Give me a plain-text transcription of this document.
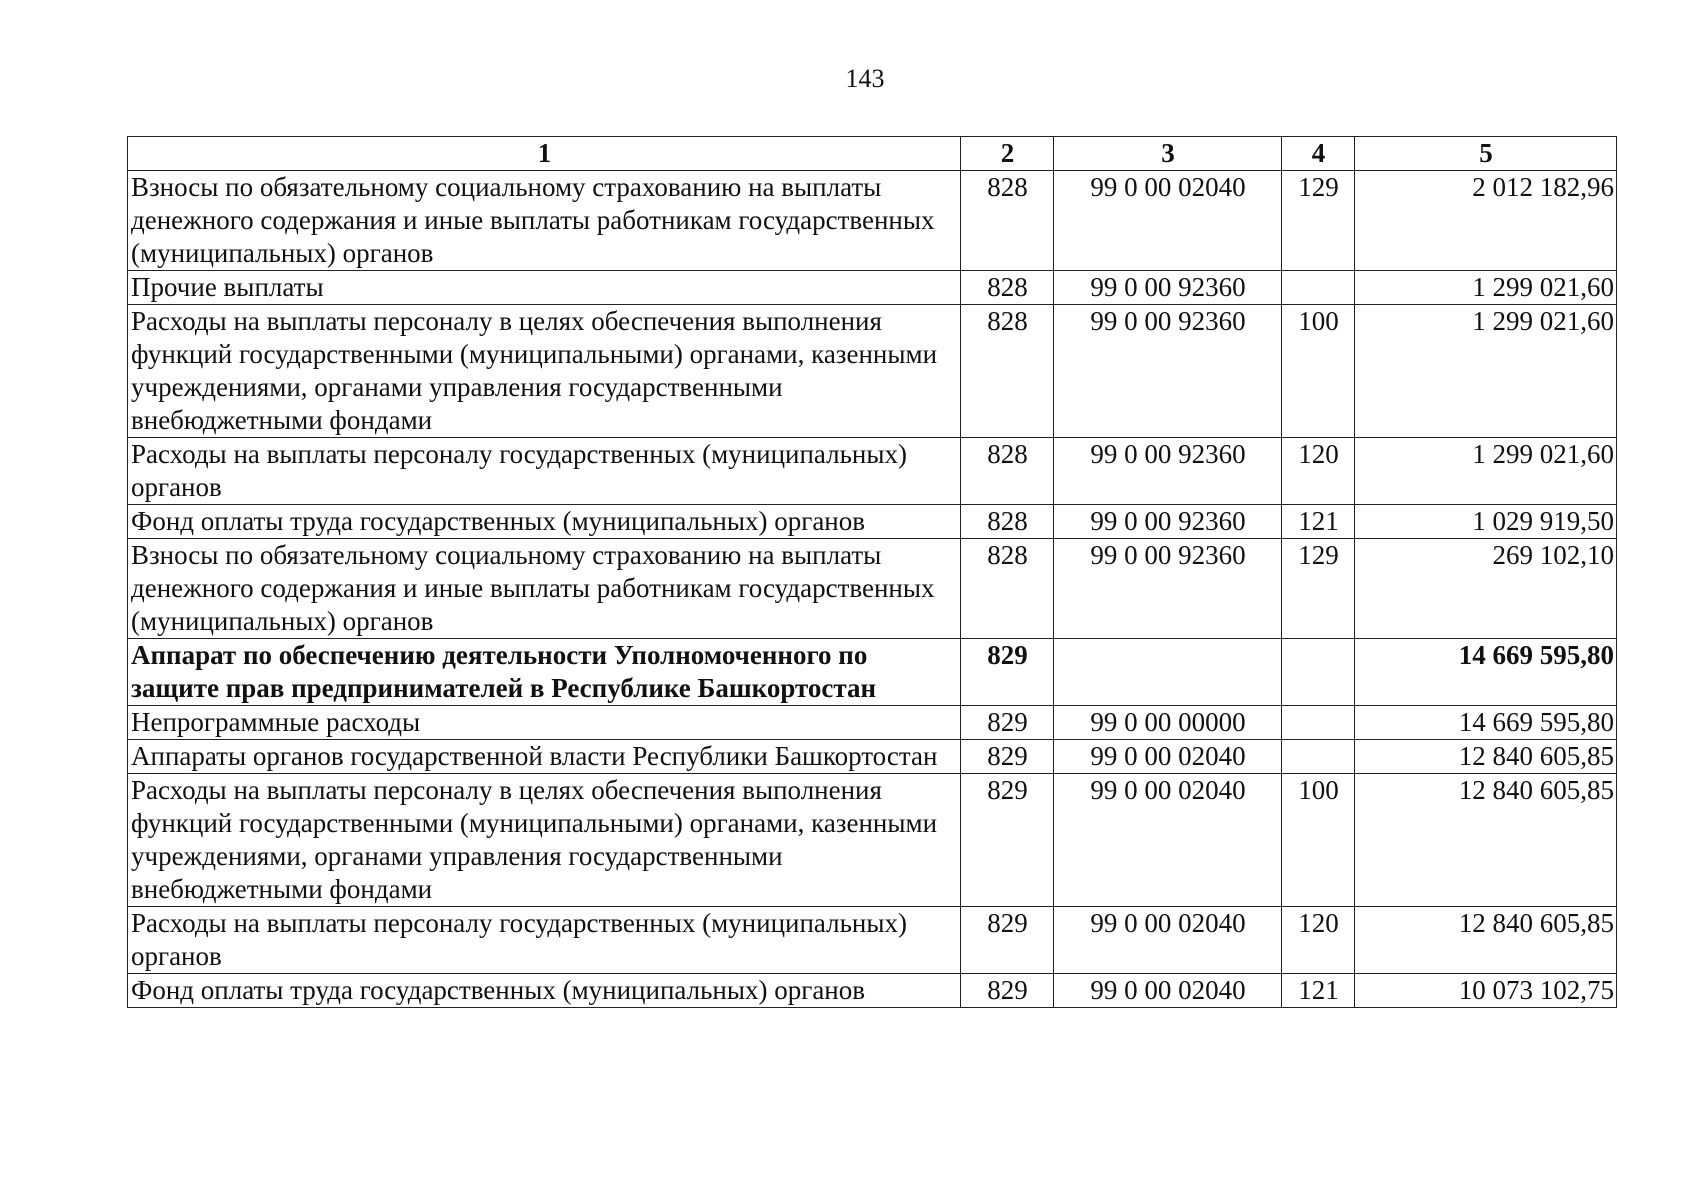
143
1	2	3	4	5
Взносы по обязательному социальному страхованию на выплаты денежного содержания и иные выплаты работникам государственных (муниципальных) органов	828	99 0 00 02040	129	2 012 182,96
Прочие выплаты	828	99 0 00 92360		1 299 021,60
Расходы на выплаты персоналу в целях обеспечения выполнения функций государственными (муниципальными) органами, казенными учреждениями, органами управления государственными внебюджетными фондами	828	99 0 00 92360	100	1 299 021,60
Расходы на выплаты персоналу государственных (муниципальных) органов	828	99 0 00 92360	120	1 299 021,60
Фонд оплаты труда государственных (муниципальных) органов	828	99 0 00 92360	121	1 029 919,50
Взносы по обязательному социальному страхованию на выплаты денежного содержания и иные выплаты работникам государственных (муниципальных) органов	828	99 0 00 92360	129	269 102,10
Аппарат по обеспечению деятельности Уполномоченного по защите прав предпринимателей в Республике Башкортостан	829			14 669 595,80
Непрограммные расходы	829	99 0 00 00000		14 669 595,80
Аппараты органов государственной власти Республики Башкортостан	829	99 0 00 02040		12 840 605,85
Расходы на выплаты персоналу в целях обеспечения выполнения функций государственными (муниципальными) органами, казенными учреждениями, органами управления государственными внебюджетными фондами	829	99 0 00 02040	100	12 840 605,85
Расходы на выплаты персоналу государственных (муниципальных) органов	829	99 0 00 02040	120	12 840 605,85
Фонд оплаты труда государственных (муниципальных) органов	829	99 0 00 02040	121	10 073 102,75
